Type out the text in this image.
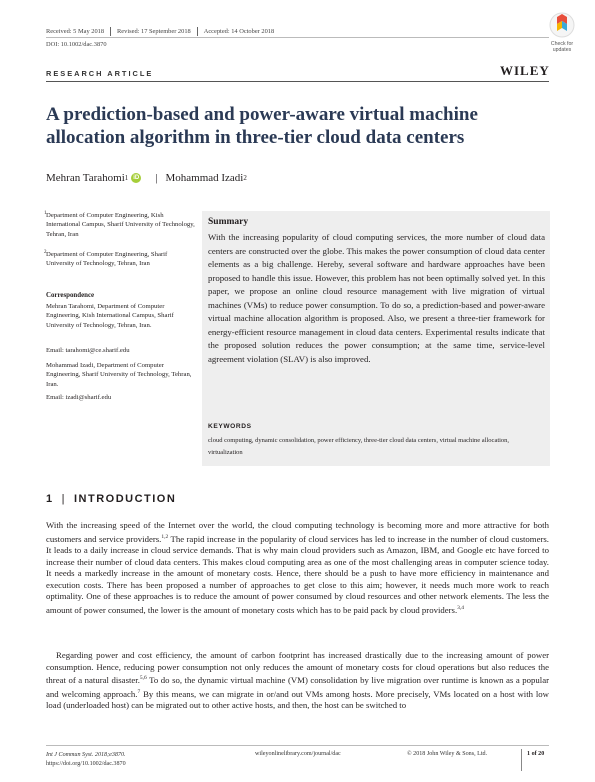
Received: 5 May 2018 Revised: 17 September 2018 Accepted: 14 October 2018
DOI: 10.1002/dac.3870	Check for
updates
RESEARCH ARTICLE	WILEY
A prediction-based and power-aware virtual machine allocation algorithm in three-tier cloud data centers
Mehran Tarahomi 1 iD | Mohammad Izadi 2
1 Department of Computer Engineering, Kish International Campus, Sharif University of Technology, Tehran, Iran
2 Department of Computer Engineering, Sharif University of Technology, Tehran, Iran
Correspondence
Mehran Tarahomi, Department of Computer Engineering, Kish International Campus, Sharif University of Technology, Tehran, Iran.
Email: tarahomi@ce.sharif.edu
Mohammad Izadi, Department of Computer Engineering, Sharif University of Technology, Tehran, Iran.
Email: izadi@sharif.edu
Summary
With the increasing popularity of cloud computing services, the more number of cloud data centers are constructed over the globe. This makes the power consumption of cloud data center elements as a big challenge. Hereby, several software and hardware approaches have been proposed to handle this issue. However, this problem has not been optimally solved yet. In this paper, we propose an online cloud resource management with live migration of virtual machines (VMs) to reduce power consumption. To do so, a prediction-based and power-aware virtual machine allocation algorithm is proposed. Also, we present a three-tier framework for energy-efficient resource management in cloud data centers. Experimental results indicate that the proposed solution reduces the power consumption; at the same time, service-level agreement violation (SLAV) is also improved.
KEYWORDS
cloud computing, dynamic consolidation, power efficiency, three-tier cloud data centers, virtual machine allocation, virtualization
1 | INTRODUCTION
With the increasing speed of the Internet over the world, the cloud computing technology is becoming more and more attractive for both customers and service providers.$^{1,2}$ The rapid increase in the popularity of cloud services has led to increase in the number of cloud customers. It leads to a daily increase in cloud service demands. That is why main cloud providers such as Amazon, IBM, and Google etc have forced to increase their number of cloud data centers. This makes cloud computing area as one of the most challenging areas in computer science today. It needs a markedly increase in the amount of monetary costs. Hence, there should be a push to have more efficiency in maintenance and execution costs. There has been proposed a number of approaches to get close to this aim; however, it needs much more work to reach optimality. One of these approaches is to reduce the amount of power consumed by cloud resources and other network elements. The less the amount of power consumed, the lower is the amount of monetary costs which has to be paid pack by cloud providers.$^{3,4}$
Regarding power and cost efficiency, the amount of carbon footprint has increased drastically due to the increasing amount of power consumption. Hence, reducing power consumption not only reduces the amount of monetary costs for cloud operations but also reduces the threat of a natural disaster.$^{5,6}$ To do so, the dynamic virtual machine (VM) consolidation by live migration over runtime is known as a popular and welcoming approach.$^7$ By this means, we can migrate in or/and out VMs among hosts. More precisely, VMs located on a host with low load (underloaded host) can be migrated out to other active hosts, and then, the host can be switched to
Int J Commun Syst. 2018;e3870.
https://doi.org/10.1002/dac.3870
wileyonlinelibrary.com/journal/dac	© 2018 John Wiley & Sons, Ltd.	1 of 20
